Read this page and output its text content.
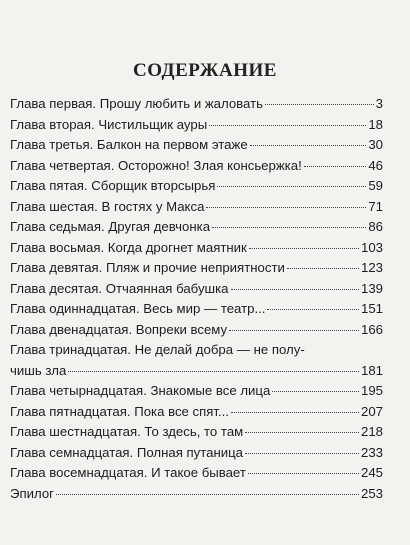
СОДЕРЖАНИЕ
Глава первая. Прошу любить и жаловать	3
Глава вторая. Чистильщик ауры	18
Глава третья. Балкон на первом этаже	30
Глава четвертая. Осторожно! Злая консьержка!	46
Глава пятая. Сборщик вторсырья	59
Глава шестая. В гостях у Макса	71
Глава седьмая. Другая девчонка	86
Глава восьмая. Когда дрогнет маятник	103
Глава девятая. Пляж и прочие неприятности	123
Глава десятая. Отчаянная бабушка	139
Глава одиннадцатая. Весь мир — театр...	151
Глава двенадцатая. Вопреки всему	166
Глава тринадцатая. Не делай добра — не полу-
чишь зла	181
Глава четырнадцатая. Знакомые все лица	195
Глава пятнадцатая. Пока все спят...	207
Глава шестнадцатая. То здесь, то там	218
Глава семнадцатая. Полная путаница	233
Глава восемнадцатая. И такое бывает	245
Эпилог	253
